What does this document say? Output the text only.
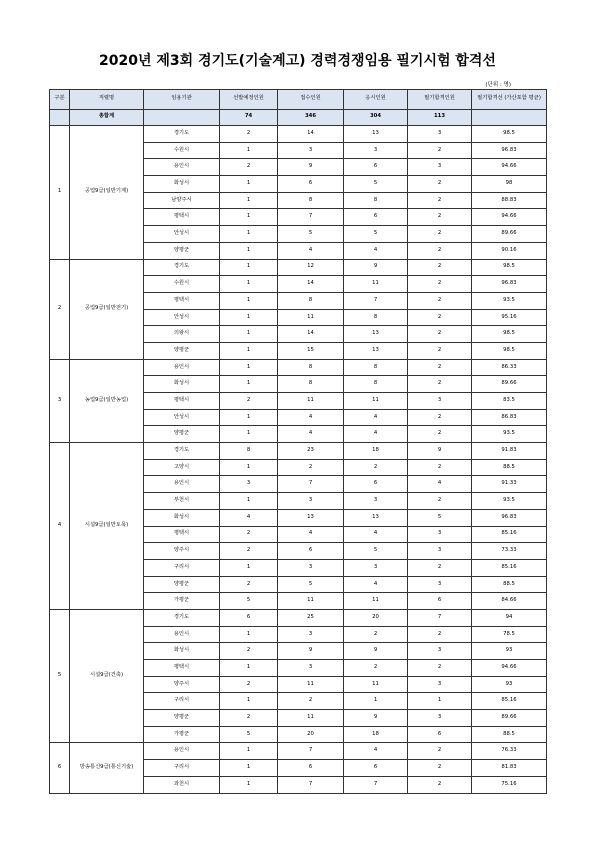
2020년 제3회 경기도(기술계고) 경력경쟁임용 필기시험 합격선
(단위 : 명)
구분	직렬명	임용기관	선발예정인원	접수인원	응시인원	필기합격인원	필기합격선 (가산포함 평균)
	총합계		74	346	304	113	
1	공업9급(일반기계)	경기도	2	14	13	3	98.5
		수원시	1	3	3	2	96.83
		용인시	2	9	6	3	94.66
		화성시	1	6	5	2	98
		남양주시	1	8	8	2	88.83
		평택시	1	7	6	2	94.66
		안성시	1	5	5	2	89.66
		양평군	1	4	4	2	90.16
2	공업9급(일반전기)	경기도	1	12	9	2	98.5
		수원시	1	14	11	2	96.83
		평택시	1	8	7	2	93.5
		안성시	1	11	8	2	95.16
		의왕시	1	14	13	2	98.5
		양평군	1	15	13	2	98.5
3	농업9급(일반농업)	용인시	1	8	8	2	86.33
		화성시	1	8	8	2	89.66
		평택시	2	11	11	3	83.5
		안성시	1	4	4	2	86.83
		양평군	1	4	4	2	93.5
4	시설9급(일반토목)	경기도	8	23	18	9	91.83
		고양시	1	2	2	2	88.5
		용인시	3	7	6	4	91.33
		부천시	1	3	3	2	93.5
		화성시	4	13	13	5	96.83
		평택시	2	4	4	3	85.16
		양주시	2	6	5	3	73.33
		구리시	1	3	3	2	85.16
		양평군	2	5	4	3	88.5
		가평군	5	11	11	6	84.66
5	시설9급(건축)	경기도	6	25	20	7	94
		용인시	1	3	2	2	78.5
		화성시	2	9	9	3	93
		평택시	1	3	2	2	94.66
		양주시	2	11	11	3	93
		구리시	1	2	1	1	85.16
		양평군	2	11	9	3	89.66
		가평군	5	20	18	6	88.5
6	방송통신9급(통신기술)	용인시	1	7	4	2	76.33
		구리시	1	6	6	2	81.83
		과천시	1	7	7	2	75.16
